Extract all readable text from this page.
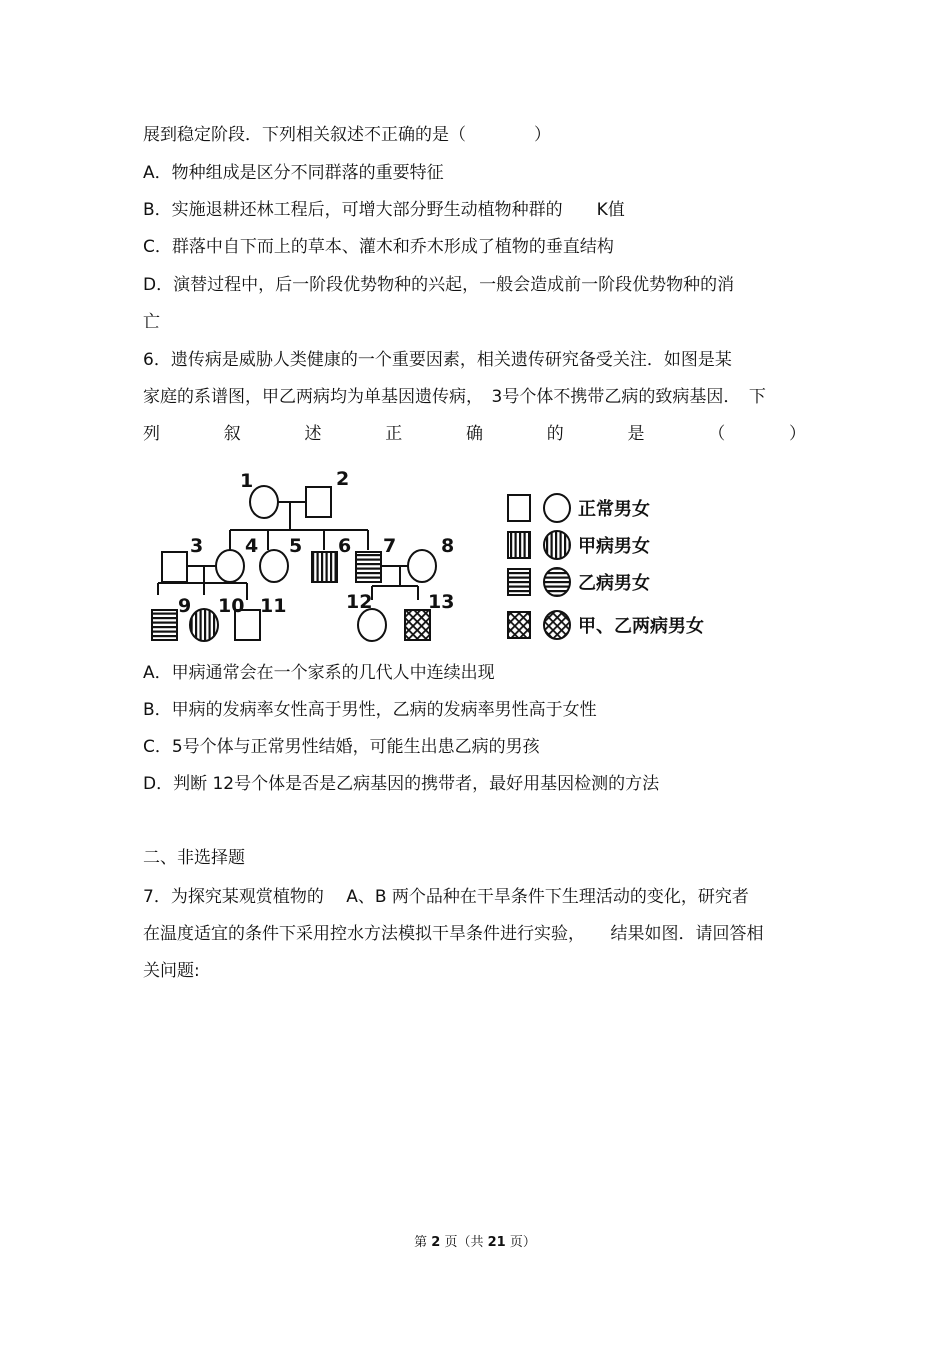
展到稳定阶段．下列相关叙述不正确的是（　　　　）
A．物种组成是区分不同群落的重要特征
B．实施退耕还林工程后，可增大部分野生动植物种群的　　K值
C．群落中自下而上的草本、灌木和乔木形成了植物的垂直结构
D．演替过程中，后一阶段优势物种的兴起，一般会造成前一阶段优势物种的消
亡
6．遗传病是威胁人类健康的一个重要因素，相关遗传研究备受关注．如图是某
家庭的系谱图，甲乙两病均为单基因遗传病，　3号个体不携带乙病的致病基因．　下
列	叙	述	正	确	的	是	（	）
1	2
3 4 5 6 7 8
9 10 11	12	13
正常男女
甲病男女
乙病男女
甲、乙两病男女
A．甲病通常会在一个家系的几代人中连续出现
B．甲病的发病率女性高于男性，乙病的发病率男性高于女性
C．5号个体与正常男性结婚，可能生出患乙病的男孩
D．判断 12号个体是否是乙病基因的携带者，最好用基因检测的方法
二、非选择题
7．为探究某观赏植物的　 A、B 两个品种在干旱条件下生理活动的变化，研究者
在温度适宜的条件下采用控水方法模拟干旱条件进行实验，　　结果如图．请回答相
关问题:
第 2 页（共 21 页）
